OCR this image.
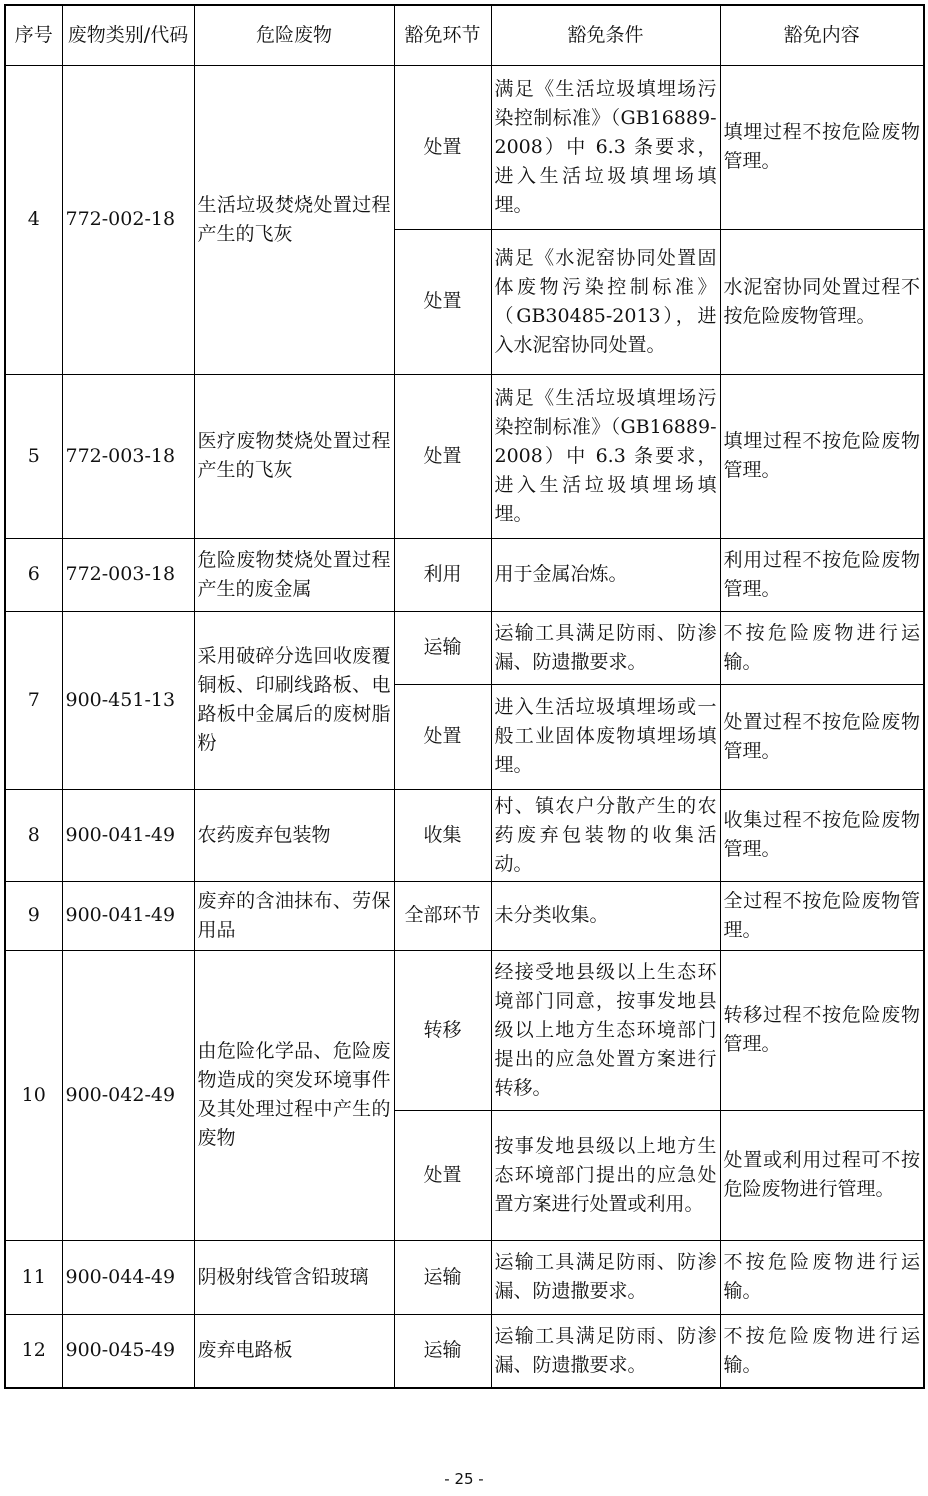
序号	废物类别/代码	危险废物	豁免环节	豁免条件	豁免内容
4	772-002-18	生活垃圾焚烧处置过程产生的飞灰	处置	满足《生活垃圾填埋场污染控制标准》（GB16889-2008）中 6.3 条要求，进入生活垃圾填埋场填埋。	填埋过程不按危险废物管理。
			处置	满足《水泥窑协同处置固体废物污染控制标准》（GB30485-2013），进入水泥窑协同处置。	水泥窑协同处置过程不按危险废物管理。
5	772-003-18	医疗废物焚烧处置过程产生的飞灰	处置	满足《生活垃圾填埋场污染控制标准》（GB16889-2008）中 6.3 条要求，进入生活垃圾填埋场填埋。	填埋过程不按危险废物管理。
6	772-003-18	危险废物焚烧处置过程产生的废金属	利用	用于金属冶炼。	利用过程不按危险废物管理。
7	900-451-13	采用破碎分选回收废覆铜板、印刷线路板、电路板中金属后的废树脂粉	运输	运输工具满足防雨、防渗漏、防遗撒要求。	不按危险废物进行运输。
			处置	进入生活垃圾填埋场或一般工业固体废物填埋场填埋。	处置过程不按危险废物管理。
8	900-041-49	农药废弃包装物	收集	村、镇农户分散产生的农药废弃包装物的收集活动。	收集过程不按危险废物管理。
9	900-041-49	废弃的含油抹布、劳保用品	全部环节	未分类收集。	全过程不按危险废物管理。
10	900-042-49	由危险化学品、危险废物造成的突发环境事件及其处理过程中产生的废物	转移	经接受地县级以上生态环境部门同意，按事发地县级以上地方生态环境部门提出的应急处置方案进行转移。	转移过程不按危险废物管理。
			处置	按事发地县级以上地方生态环境部门提出的应急处置方案进行处置或利用。	处置或利用过程可不按危险废物进行管理。
11	900-044-49	阴极射线管含铅玻璃	运输	运输工具满足防雨、防渗漏、防遗撒要求。	不按危险废物进行运输。
12	900-045-49	废弃电路板	运输	运输工具满足防雨、防渗漏、防遗撒要求。	不按危险废物进行运输。
- 25 -
